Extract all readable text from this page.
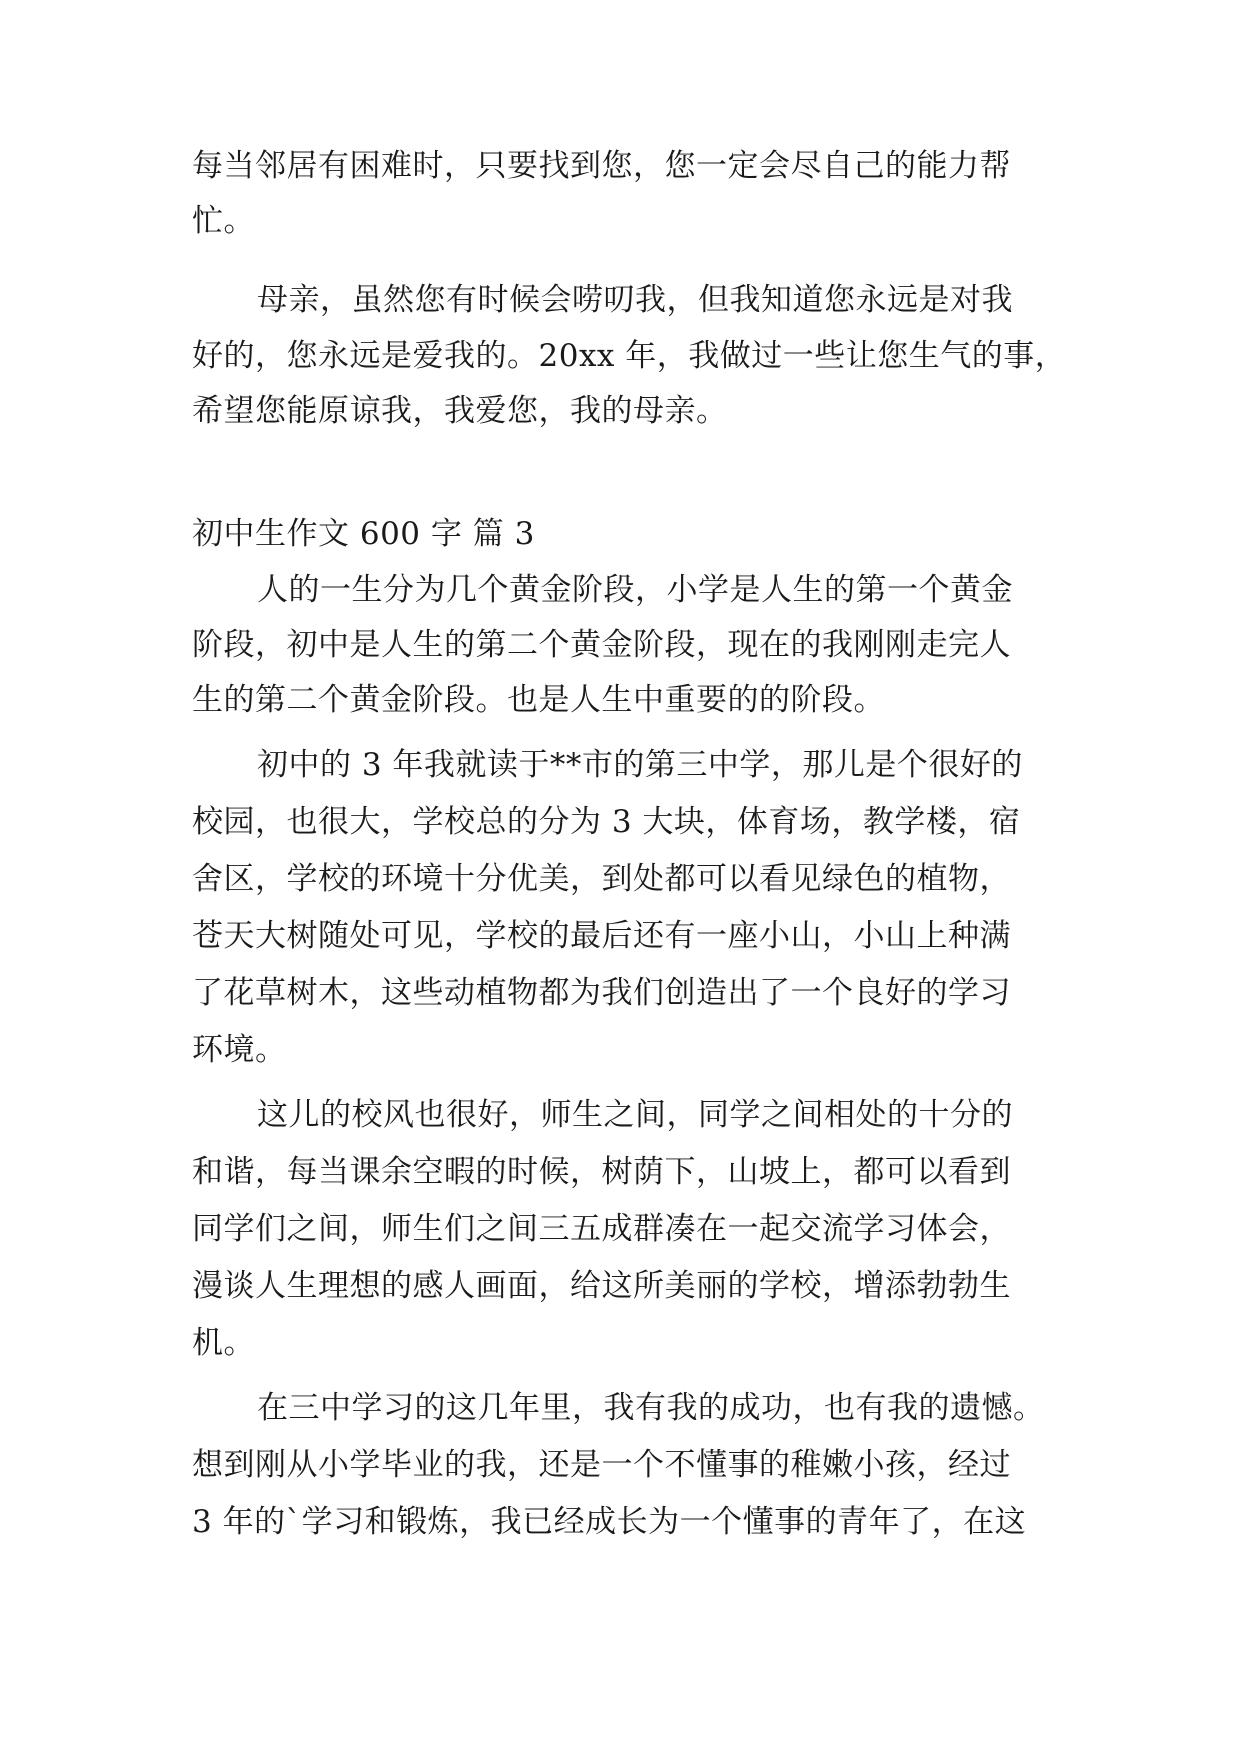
每当邻居有困难时，只要找到您，您一定会尽自己的能力帮
忙。
母亲，虽然您有时候会唠叨我，但我知道您永远是对我
好的，您永远是爱我的。20xx 年，我做过一些让您生气的事，
希望您能原谅我，我爱您，我的母亲。
初中生作文 600 字 篇 3
人的一生分为几个黄金阶段，小学是人生的第一个黄金
阶段，初中是人生的第二个黄金阶段，现在的我刚刚走完人
生的第二个黄金阶段。也是人生中重要的的阶段。
初中的 3 年我就读于**市的第三中学，那儿是个很好的
校园，也很大，学校总的分为 3 大块，体育场，教学楼，宿
舍区，学校的环境十分优美，到处都可以看见绿色的植物，
苍天大树随处可见，学校的最后还有一座小山，小山上种满
了花草树木，这些动植物都为我们创造出了一个良好的学习
环境。
这儿的校风也很好，师生之间，同学之间相处的十分的
和谐，每当课余空暇的时候，树荫下，山坡上，都可以看到
同学们之间，师生们之间三五成群凑在一起交流学习体会，
漫谈人生理想的感人画面，给这所美丽的学校，增添勃勃生
机。
在三中学习的这几年里，我有我的成功，也有我的遗憾。
想到刚从小学毕业的我，还是一个不懂事的稚嫩小孩，经过
3 年的`学习和锻炼，我已经成长为一个懂事的青年了，在这
